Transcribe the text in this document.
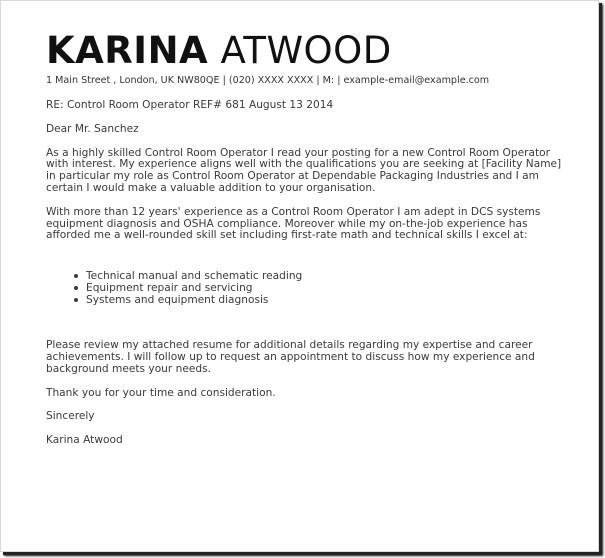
KARINA ATWOOD
1 Main Street , London, UK NW80QE | (020) XXXX XXXX | M: | example-email@example.com
RE: Control Room Operator REF# 681 August 13 2014
Dear Mr. Sanchez
As a highly skilled Control Room Operator I read your posting for a new Control Room Operator with interest. My experience aligns well with the qualifications you are seeking at [Facility Name] in particular my role as Control Room Operator at Dependable Packaging Industries and I am certain I would make a valuable addition to your organisation.
With more than 12 years' experience as a Control Room Operator I am adept in DCS systems equipment diagnosis and OSHA compliance. Moreover while my on-the-job experience has afforded me a well-rounded skill set including first-rate math and technical skills I excel at:
Technical manual and schematic reading
Equipment repair and servicing
Systems and equipment diagnosis
Please review my attached resume for additional details regarding my expertise and career achievements. I will follow up to request an appointment to discuss how my experience and background meets your needs.
Thank you for your time and consideration.
Sincerely
Karina Atwood
